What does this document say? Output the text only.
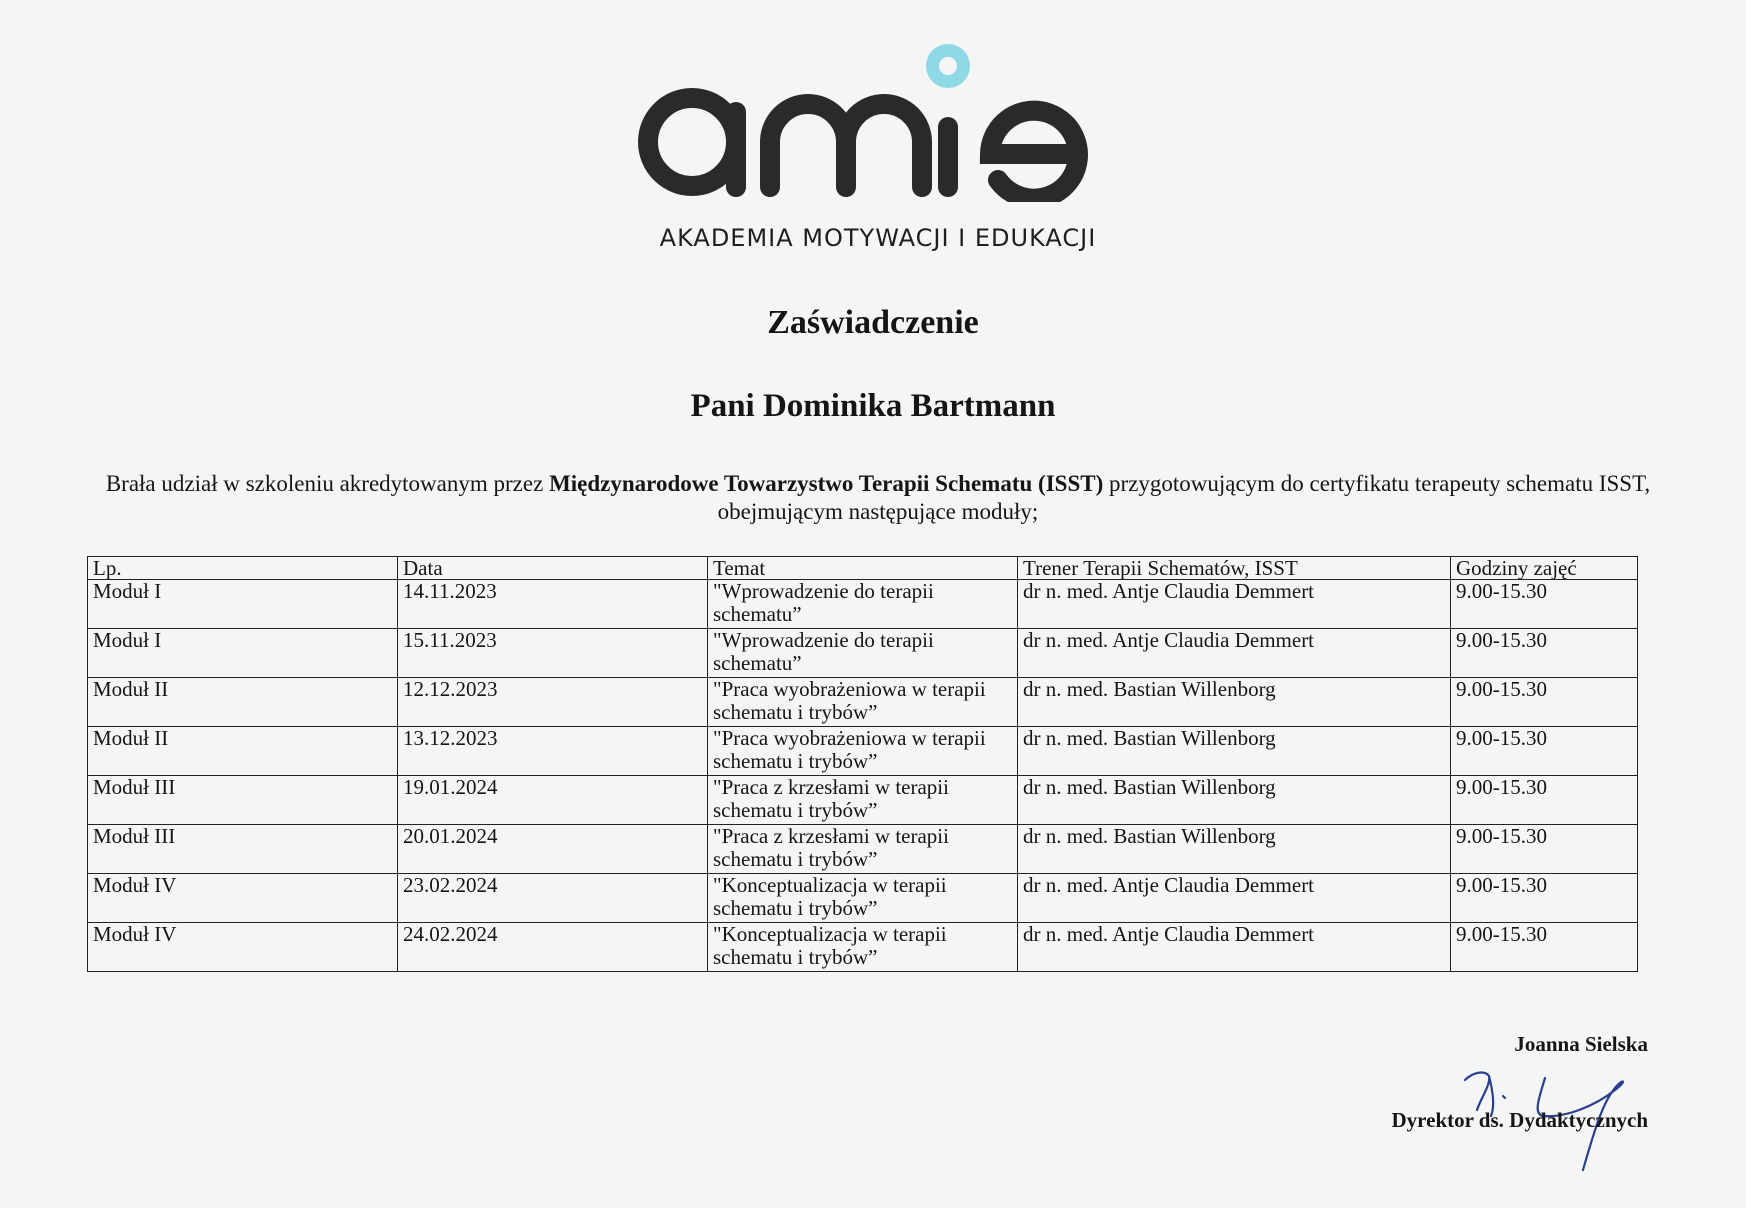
AKADEMIA MOTYWACJI I EDUKACJI
Zaświadczenie
Pani Dominika Bartmann
Brała udział w szkoleniu akredytowanym przez Międzynarodowe Towarzystwo Terapii Schematu (ISST) przygotowującym do certyfikatu terapeuty schematu ISST, obejmującym następujące moduły;
Lp.	Data	Temat	Trener Terapii Schematów, ISST	Godziny zajęć
Moduł I	14.11.2023	"Wprowadzenie do terapii schematu”	dr n. med. Antje Claudia Demmert	9.00-15.30
Moduł I	15.11.2023	"Wprowadzenie do terapii schematu”	dr n. med. Antje Claudia Demmert	9.00-15.30
Moduł II	12.12.2023	"Praca wyobrażeniowa w terapii schematu i trybów”	dr n. med. Bastian Willenborg	9.00-15.30
Moduł II	13.12.2023	"Praca wyobrażeniowa w terapii schematu i trybów”	dr n. med. Bastian Willenborg	9.00-15.30
Moduł III	19.01.2024	"Praca z krzesłami w terapii schematu i trybów”	dr n. med. Bastian Willenborg	9.00-15.30
Moduł III	20.01.2024	"Praca z krzesłami w terapii schematu i trybów”	dr n. med. Bastian Willenborg	9.00-15.30
Moduł IV	23.02.2024	"Konceptualizacja w terapii schematu i trybów”	dr n. med. Antje Claudia Demmert	9.00-15.30
Moduł IV	24.02.2024	"Konceptualizacja w terapii schematu i trybów”	dr n. med. Antje Claudia Demmert	9.00-15.30
Joanna Sielska
Dyrektor ds. Dydaktycznych
